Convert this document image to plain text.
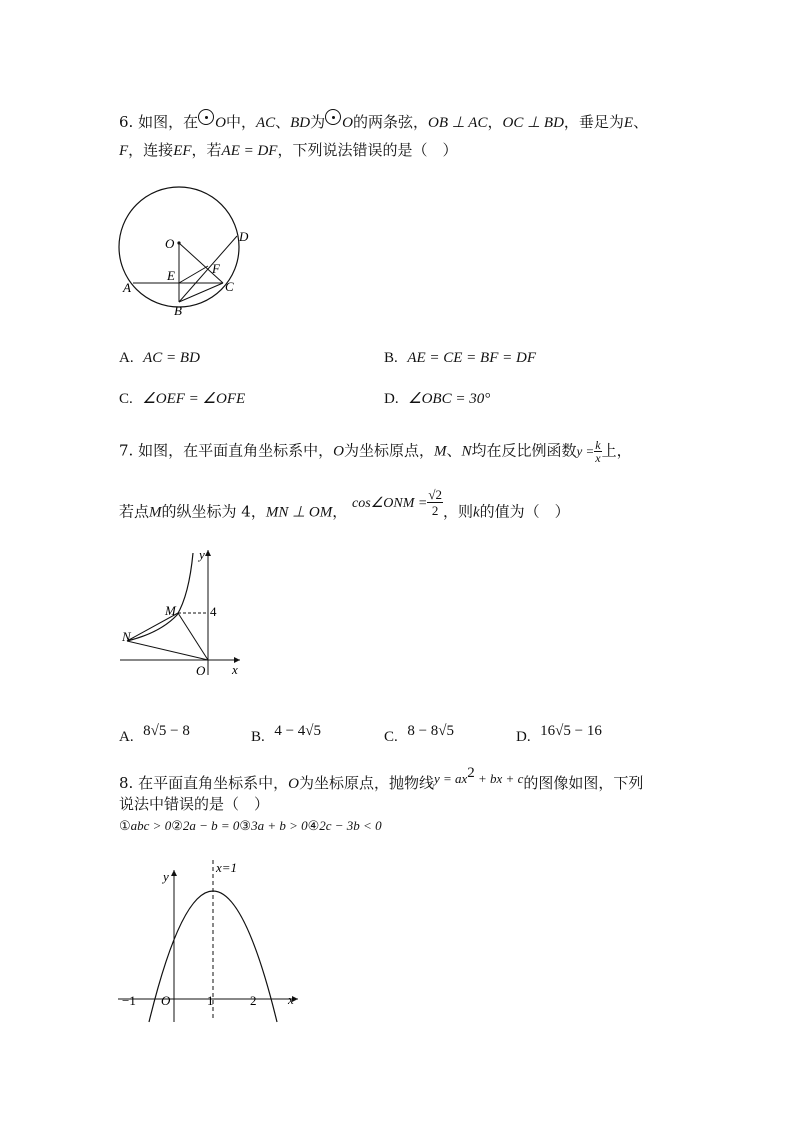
6. 如图，在 O中，AC、BD为 O的两条弦，OB ⊥ AC，OC ⊥ BD，垂足为E、
F，连接EF，若AE = DF，下列说法错误的是（　）
O
E	F
A
B
C
D
A. AC = BD	B. AE = CE = BF = DF
C. ∠OEF = ∠OFE	D. ∠OBC = 30°
7. 如图，在平面直角坐标系中，O为坐标原点，M、N均在反比例函数$y = \frac{k}{x}$ 上，
若点M的纵坐标为 4，MN ⊥ OM， cos∠ONM = $\frac{√2}{2}$ ，则k的值为（　）
y
x
M
N
O
4
A. 8√5 − 8	B. 4 − 4√5	C. 8 − 8√5	D. 16√5 − 16
8. 在平面直角坐标系中，O为坐标原点，抛物线$y = ax^2$ + bx + c的图像如图，下列
说法中错误的是（　）
①abc > 0②2a − b = 0③3a + b > 0④2c − 3b < 0
x=1
y
x
−1 O	1	2
